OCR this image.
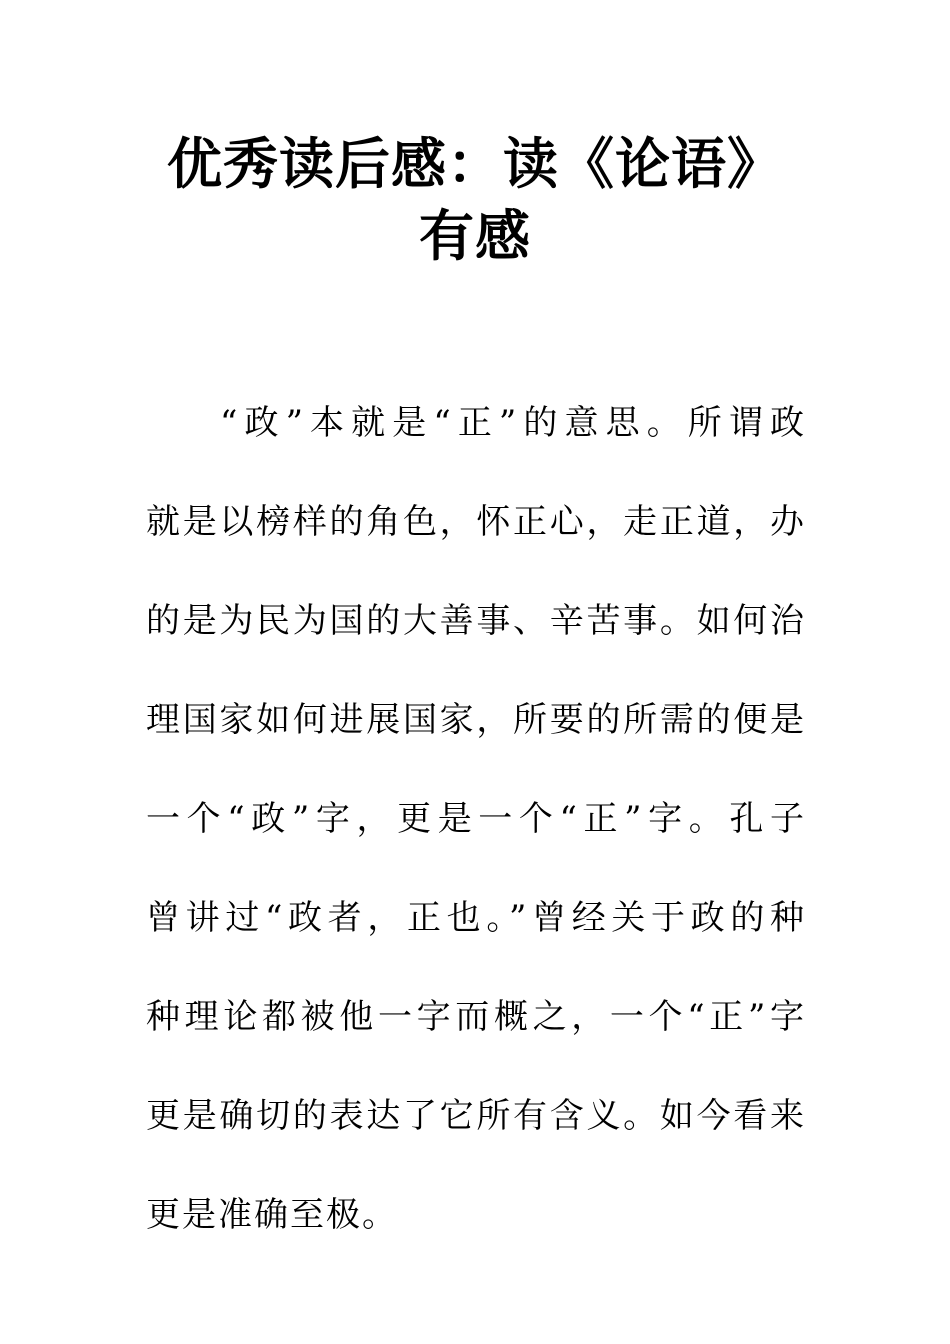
优秀读后感：读《论语》
有感
“政”本就是“正”的意思。所谓政
就是以榜样的角色，怀正心，走正道，办
的是为民为国的大善事、辛苦事。如何治
理国家如何进展国家，所要的所需的便是
一个“政”字，更是一个“正”字。孔子
曾讲过“政者，正也。”曾经关于政的种
种理论都被他一字而概之，一个“正”字
更是确切的表达了它所有含义。如今看来
更是准确至极。
